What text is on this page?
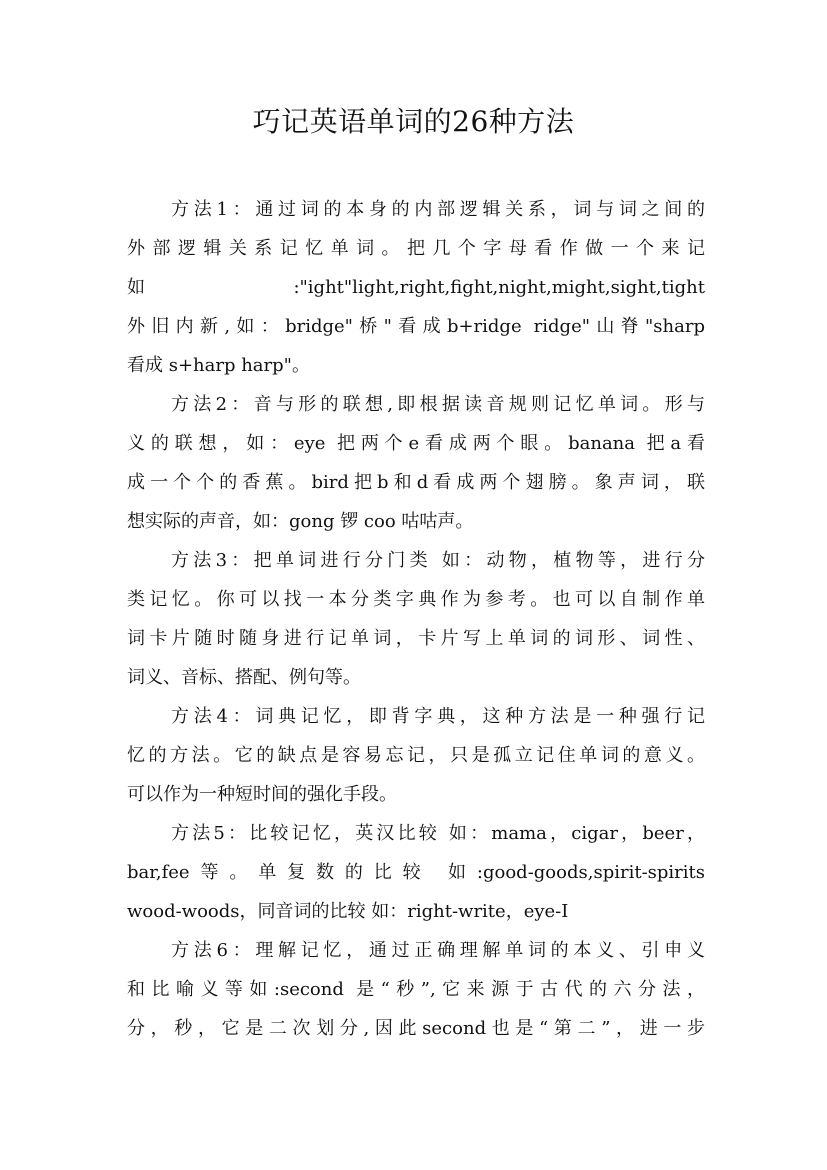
巧记英语单词的26种方法
方法1：通过词的本身的内部逻辑关系，词与词之间的
外部逻辑关系记忆单词。把几个字母看作做一个来记
如 :"ight"light,right,fight,night,might,sight,tight
外旧内新,如：bridge"桥"看成b+ridge ridge"山脊"sharp
看成 s+harp harp"。
方法2：音与形的联想,即根据读音规则记忆单词。形与
义的联想，如：eye 把两个e看成两个眼。banana 把a看
成一个个的香蕉。bird把b和d看成两个翅膀。象声词，联
想实际的声音，如：gong 锣 coo 咕咕声。
方法3：把单词进行分门类 如：动物，植物等，进行分
类记忆。你可以找一本分类字典作为参考。也可以自制作单
词卡片随时随身进行记单词，卡片写上单词的词形、词性、
词义、音标、搭配、例句等。
方法4：词典记忆，即背字典，这种方法是一种强行记
忆的方法。它的缺点是容易忘记，只是孤立记住单词的意义。
可以作为一种短时间的强化手段。
方法5：比较记忆，英汉比较 如：mama，cigar，beer，
bar,fee等。单复数的比较 如:good-goods,spirit-spirits
wood-woods，同音词的比较 如：right-write，eye-I
方法6：理解记忆，通过正确理解单词的本义、引申义
和比喻义等如:second 是“秒”,它来源于古代的六分法，
分，秒，它是二次划分,因此second也是“第二”，进一步
